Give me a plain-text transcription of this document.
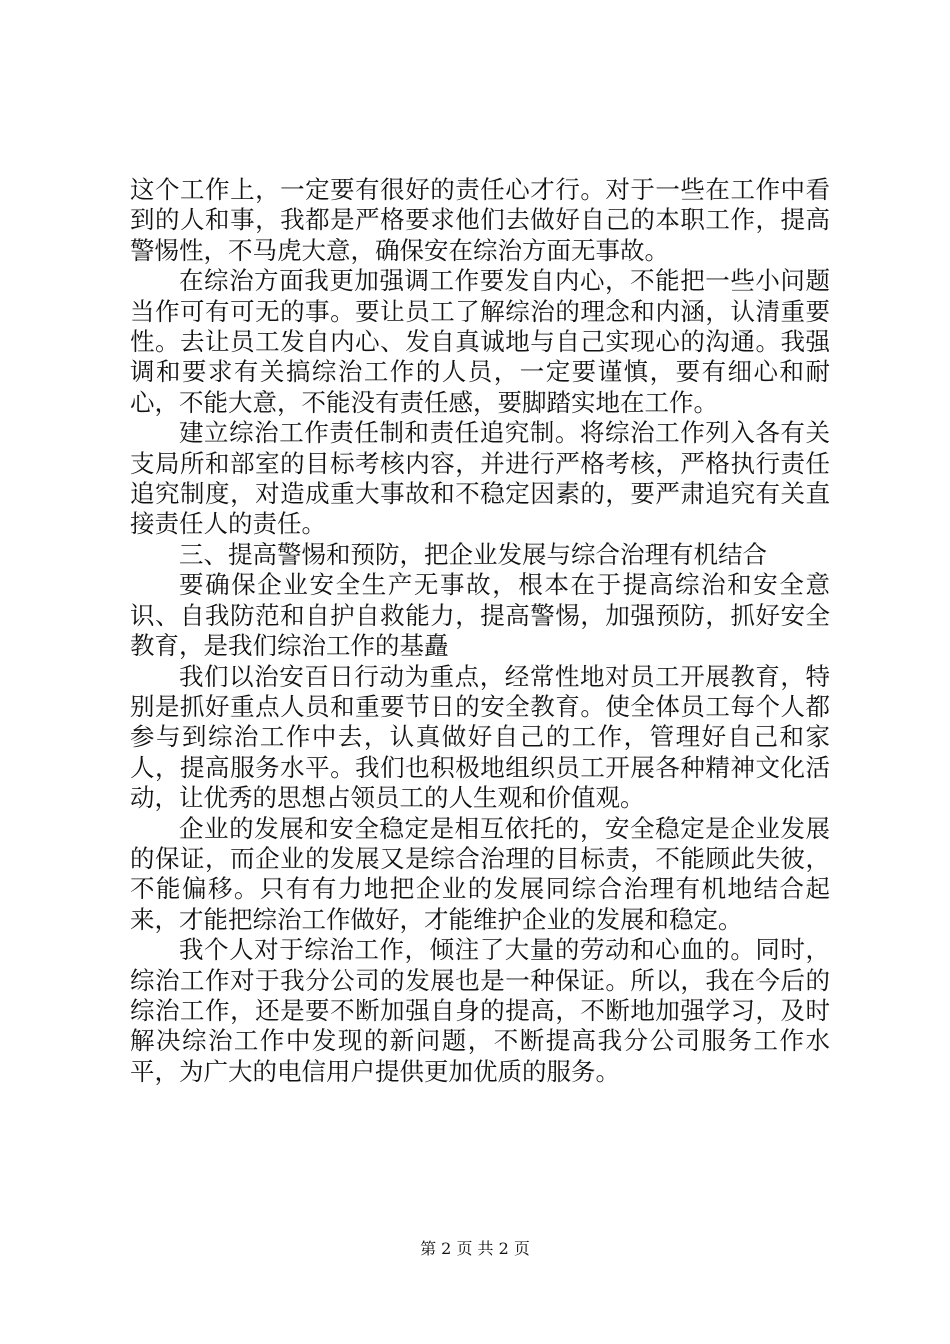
这个工作上，一定要有很好的责任心才行。对于一些在工作中看到的人和事，我都是严格要求他们去做好自己的本职工作，提高警惕性，不马虎大意，确保安在综治方面无事故。

在综治方面我更加强调工作要发自内心，不能把一些小问题当作可有可无的事。要让员工了解综治的理念和内涵，认清重要性。去让员工发自内心、发自真诚地与自己实现心的沟通。我强调和要求有关搞综治工作的人员，一定要谨慎，要有细心和耐心，不能大意，不能没有责任感，要脚踏实地在工作。

建立综治工作责任制和责任追究制。将综治工作列入各有关支局所和部室的目标考核内容，并进行严格考核，严格执行责任追究制度，对造成重大事故和不稳定因素的，要严肃追究有关直接责任人的责任。

三、提高警惕和预防，把企业发展与综合治理有机结合

要确保企业安全生产无事故，根本在于提高综治和安全意识、自我防范和自护自救能力，提高警惕，加强预防，抓好安全教育，是我们综治工作的基矗

我们以治安百日行动为重点，经常性地对员工开展教育，特别是抓好重点人员和重要节日的安全教育。使全体员工每个人都参与到综治工作中去，认真做好自己的工作，管理好自己和家人，提高服务水平。我们也积极地组织员工开展各种精神文化活动，让优秀的思想占领员工的人生观和价值观。

企业的发展和安全稳定是相互依托的，安全稳定是企业发展的保证，而企业的发展又是综合治理的目标责，不能顾此失彼，不能偏移。只有有力地把企业的发展同综合治理有机地结合起来，才能把综治工作做好，才能维护企业的发展和稳定。

我个人对于综治工作，倾注了大量的劳动和心血的。同时，综治工作对于我分公司的发展也是一种保证。所以，我在今后的综治工作，还是要不断加强自身的提高，不断地加强学习，及时解决综治工作中发现的新问题，不断提高我分公司服务工作水平，为广大的电信用户提供更加优质的服务。

第 2 页 共 2 页
